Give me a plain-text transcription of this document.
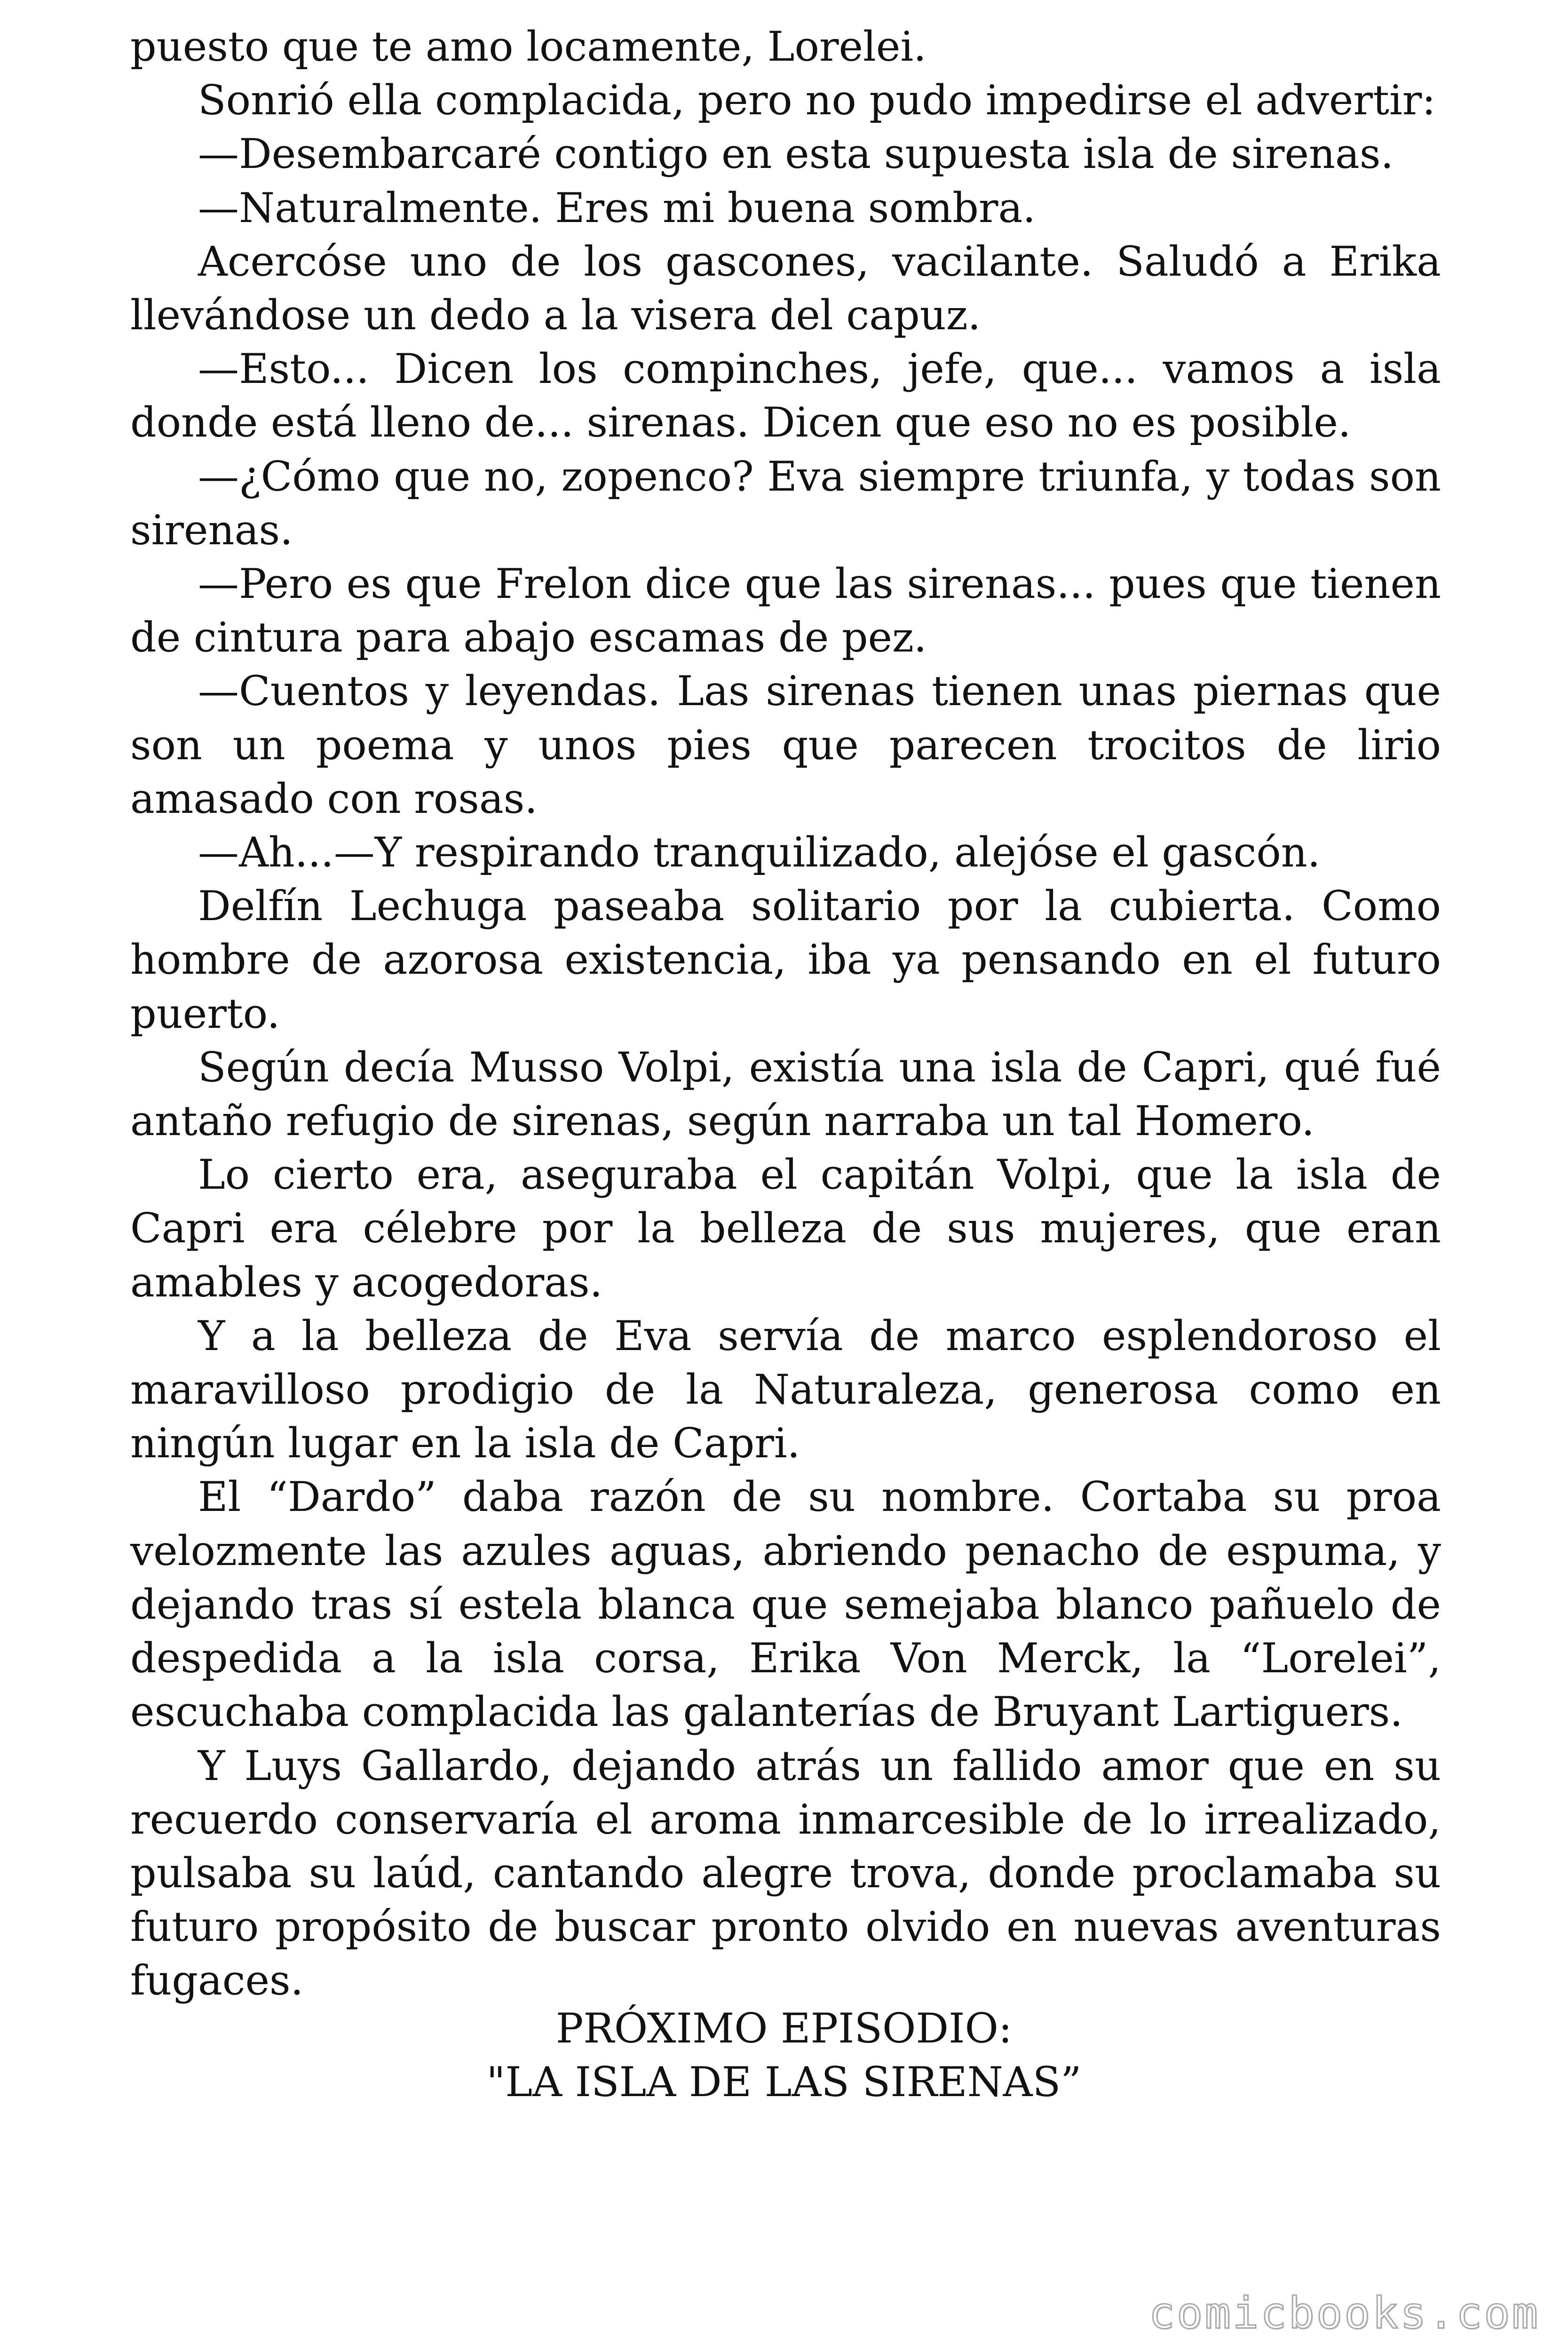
puesto que te amo locamente, Lorelei.

Sonrió ella complacida, pero no pudo impedirse el advertir:

—Desembarcaré contigo en esta supuesta isla de sirenas.

—Naturalmente. Eres mi buena sombra.

Acercóse uno de los gascones, vacilante. Saludó a Erika llevándose un dedo a la visera del capuz.

—Esto... Dicen los compinches, jefe, que... vamos a isla donde está lleno de... sirenas. Dicen que eso no es posible.

—¿Cómo que no, zopenco? Eva siempre triunfa, y todas son sirenas.

—Pero es que Frelon dice que las sirenas... pues que tienen de cintura para abajo escamas de pez.

—Cuentos y leyendas. Las sirenas tienen unas piernas que son un poema y unos pies que parecen trocitos de lirio amasado con rosas.

—Ah...—Y respirando tranquilizado, alejóse el gascón.

Delfín Lechuga paseaba solitario por la cubierta. Como hombre de azorosa existencia, iba ya pensando en el futuro puerto.

Según decía Musso Volpi, existía una isla de Capri, qué fué antaño refugio de sirenas, según narraba un tal Homero.

Lo cierto era, aseguraba el capitán Volpi, que la isla de Capri era célebre por la belleza de sus mujeres, que eran amables y acogedoras.

Y a la belleza de Eva servía de marco esplendoroso el maravilloso prodigio de la Naturaleza, generosa como en ningún lugar en la isla de Capri.

El “Dardo” daba razón de su nombre. Cortaba su proa velozmente las azules aguas, abriendo penacho de espuma, y dejando tras sí estela blanca que semejaba blanco pañuelo de despedida a la isla corsa, Erika Von Merck, la “Lorelei”, escuchaba complacida las galanterías de Bruyant Lartiguers.

Y Luys Gallardo, dejando atrás un fallido amor que en su recuerdo conservaría el aroma inmarcesible de lo irrealizado, pulsaba su laúd, cantando alegre trova, donde proclamaba su futuro propósito de buscar pronto olvido en nuevas aventuras fugaces.

PRÓXIMO EPISODIO:
"LA ISLA DE LAS SIRENAS”
comicbooks.com
